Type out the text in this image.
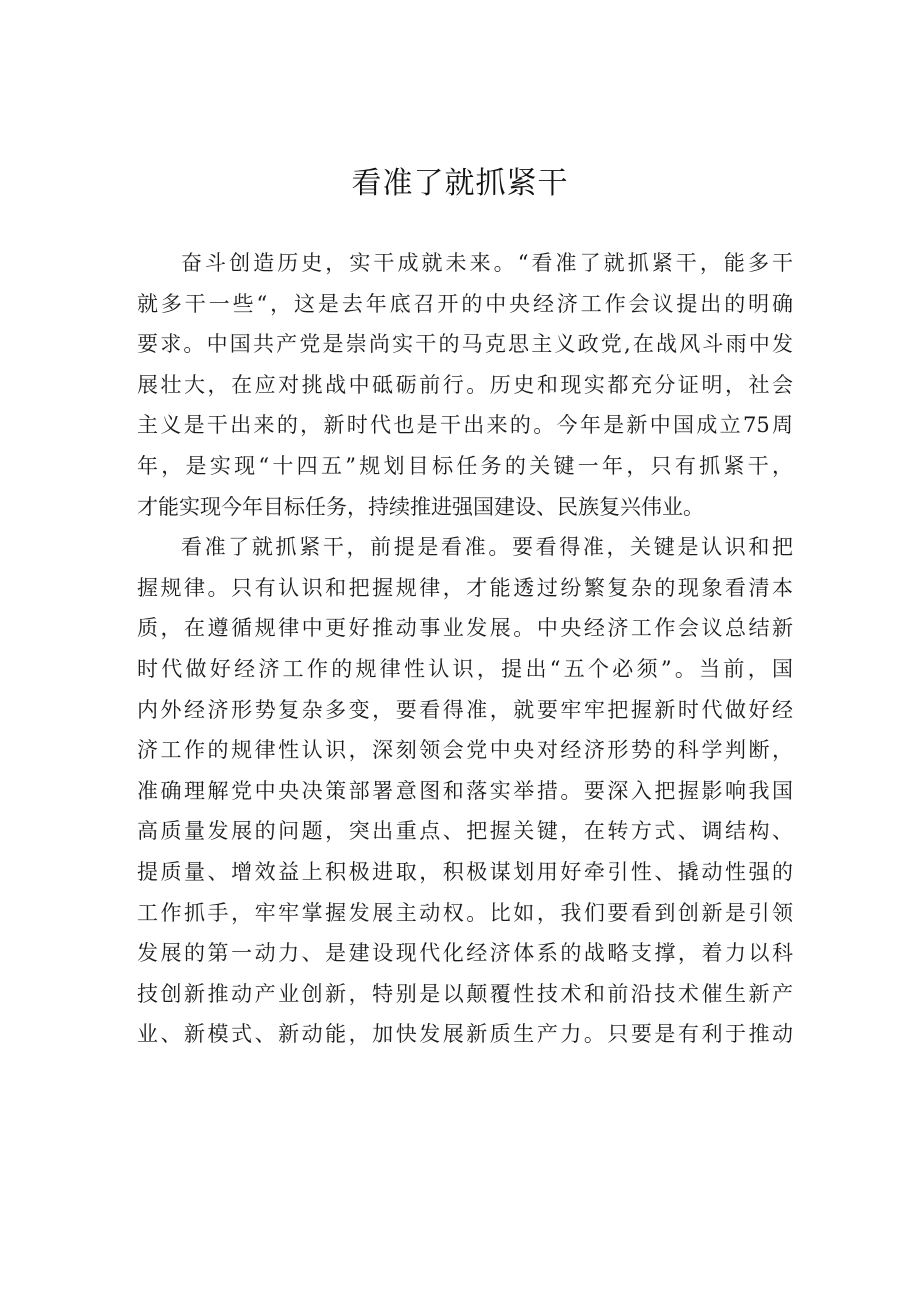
看准了就抓紧干
奋斗创造历史，实干成就未来。“看准了就抓紧干，能多干
就多干一些“，这是去年底召开的中央经济工作会议提出的明确
要求。中国共产党是崇尚实干的马克思主义政党,在战风斗雨中发
展壮大，在应对挑战中砥砺前行。历史和现实都充分证明，社会
主义是干出来的，新时代也是干出来的。今年是新中国成立75周
年，是实现“十四五”规划目标任务的关键一年，只有抓紧干，
才能实现今年目标任务，持续推进强国建设、民族复兴伟业。
看准了就抓紧干，前提是看准。要看得准，关键是认识和把
握规律。只有认识和把握规律，才能透过纷繁复杂的现象看清本
质，在遵循规律中更好推动事业发展。中央经济工作会议总结新
时代做好经济工作的规律性认识，提出“五个必须”。当前，国
内外经济形势复杂多变，要看得准，就要牢牢把握新时代做好经
济工作的规律性认识，深刻领会党中央对经济形势的科学判断，
准确理解党中央决策部署意图和落实举措。要深入把握影响我国
高质量发展的问题，突出重点、把握关键，在转方式、调结构、
提质量、增效益上积极进取，积极谋划用好牵引性、撬动性强的
工作抓手，牢牢掌握发展主动权。比如，我们要看到创新是引领
发展的第一动力、是建设现代化经济体系的战略支撑，着力以科
技创新推动产业创新，特别是以颠覆性技术和前沿技术催生新产
业、新模式、新动能，加快发展新质生产力。只要是有利于推动
